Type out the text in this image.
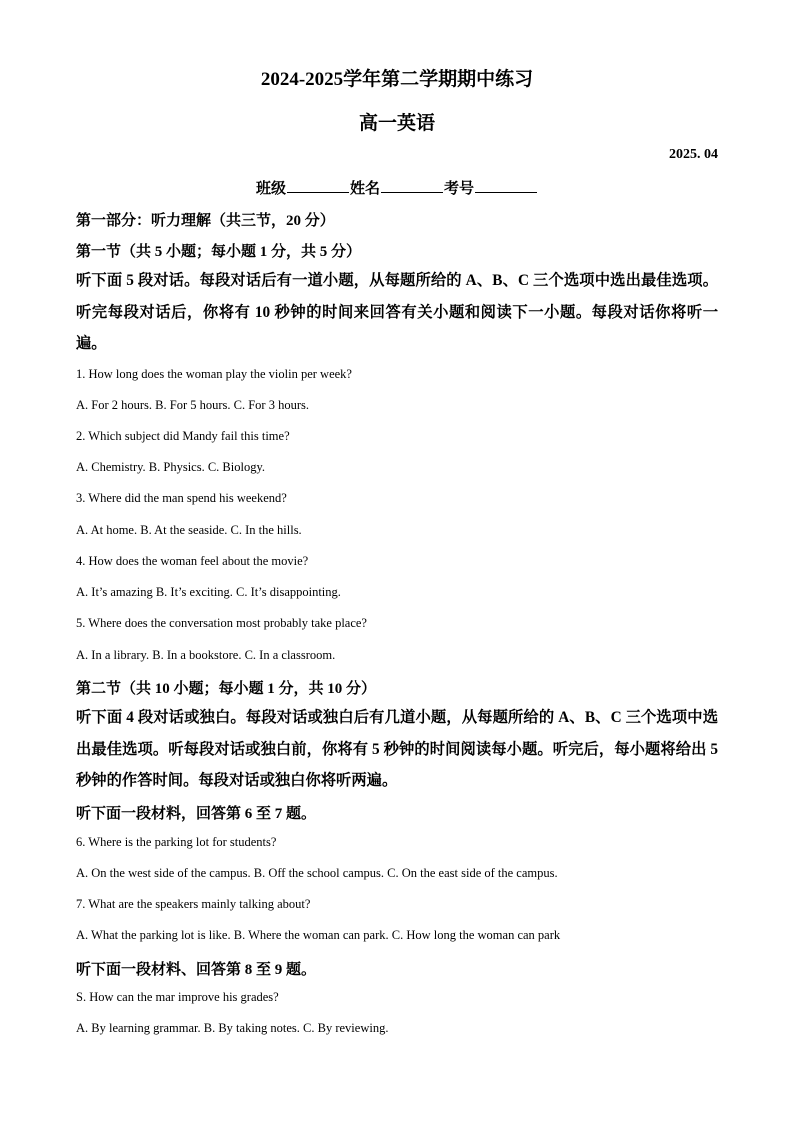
2024-2025学年第二学期期中练习
高一英语
2025. 04
班级	姓名	考号
第一部分：听力理解（共三节，20 分）
第一节（共 5 小题；每小题 1 分，共 5 分）
听下面 5 段对话。每段对话后有一道小题，从每题所给的 A、B、C 三个选项中选出最佳选项。听完每段对话后，你将有 10 秒钟的时间来回答有关小题和阅读下一小题。每段对话你将听一遍。
1. How long does the woman play the violin per week?
A. For 2 hours. B. For 5 hours. C. For 3 hours.
2. Which subject did Mandy fail this time?
A. Chemistry. B. Physics. C. Biology.
3. Where did the man spend his weekend?
A. At home. B. At the seaside. C. In the hills.
4. How does the woman feel about the movie?
A. It’s amazing B. It’s exciting. C. It’s disappointing.
5. Where does the conversation most probably take place?
A. In a library. B. In a bookstore. C. In a classroom.
第二节（共 10 小题；每小题 1 分，共 10 分）
听下面 4 段对话或独白。每段对话或独白后有几道小题，从每题所给的 A、B、C 三个选项中选出最佳选项。听每段对话或独白前，你将有 5 秒钟的时间阅读每小题。听完后，每小题将给出 5 秒钟的作答时间。每段对话或独白你将听两遍。
听下面一段材料，回答第 6 至 7 题。
6. Where is the parking lot for students?
A. On the west side of the campus. B. Off the school campus. C. On the east side of the campus.
7. What are the speakers mainly talking about?
A. What the parking lot is like. B. Where the woman can park. C. How long the woman can park
听下面一段材料、回答第 8 至 9 题。
S. How can the mar improve his grades?
A. By learning grammar. B. By taking notes. C. By reviewing.
